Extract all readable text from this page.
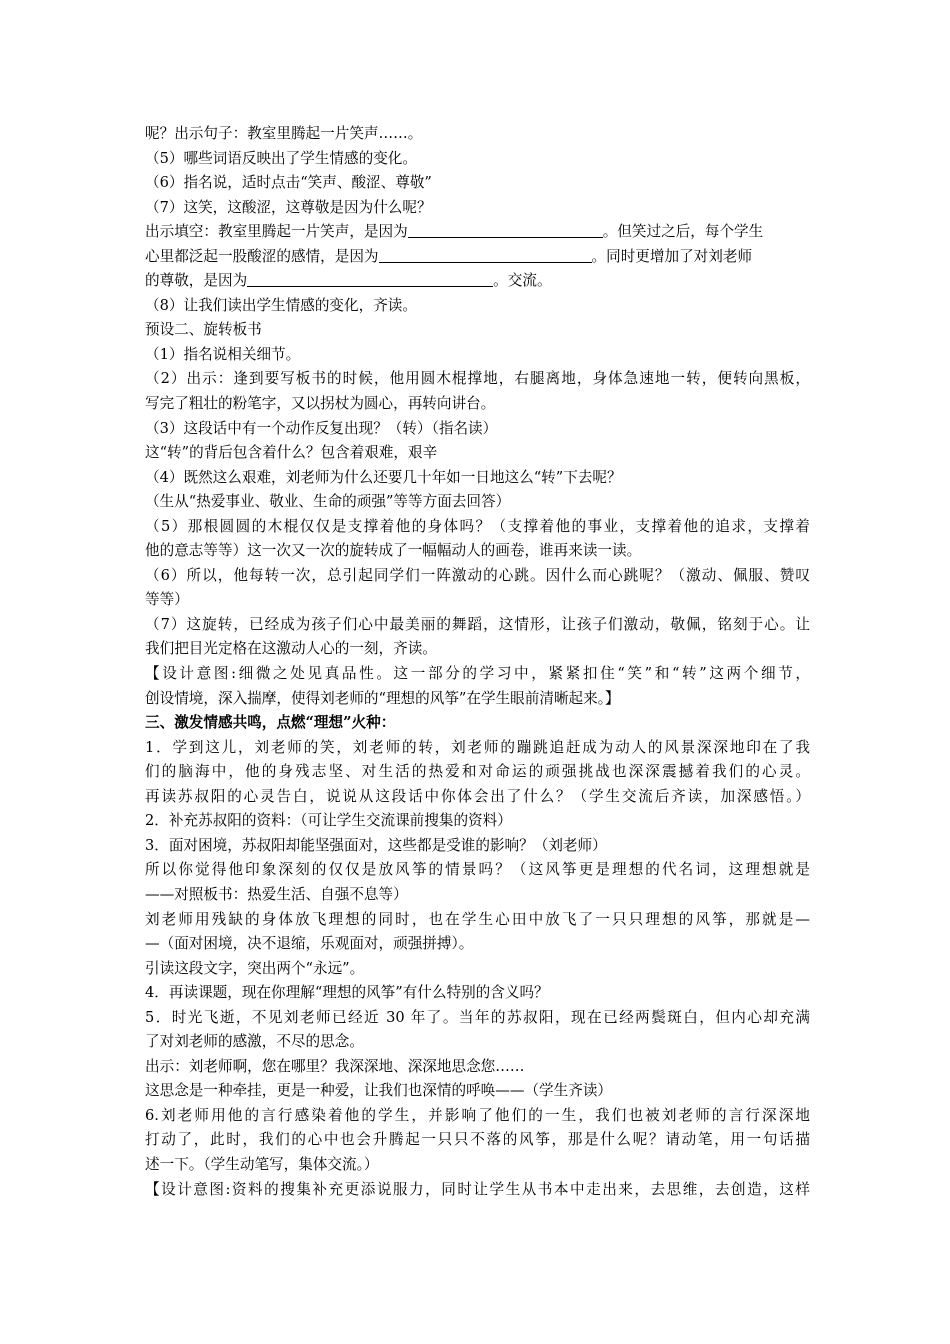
呢？出示句子：教室里腾起一片笑声……。
（5）哪些词语反映出了学生情感的变化。
（6）指名说，适时点击“笑声、酸涩、尊敬”
（7）这笑，这酸涩，这尊敬是因为什么呢？
出示填空：教室里腾起一片笑声，是因为	。但笑过之后，每个学生
心里都泛起一股酸涩的感情，是因为	。同时更增加了对刘老师
的尊敬，是因为	。交流。
（8）让我们读出学生情感的变化，齐读。
预设二、旋转板书
（1）指名说相关细节。
（2）出示：逢到要写板书的时候，他用圆木棍撑地，右腿离地，身体急速地一转，便转向黑板，
写完了粗壮的粉笔字，又以拐杖为圆心，再转向讲台。
（3）这段话中有一个动作反复出现？（转）（指名读）
这“转”的背后包含着什么？包含着艰难，艰辛
（4）既然这么艰难，刘老师为什么还要几十年如一日地这么“转”下去呢？
（生从“热爱事业、敬业、生命的顽强”等等方面去回答）
（5）那根圆圆的木棍仅仅是支撑着他的身体吗？（支撑着他的事业，支撑着他的追求，支撑着
他的意志等等）这一次又一次的旋转成了一幅幅动人的画卷，谁再来读一读。
（6）所以，他每转一次，总引起同学们一阵激动的心跳。因什么而心跳呢？（激动、佩服、赞叹
等等）
（7）这旋转，已经成为孩子们心中最美丽的舞蹈，这情形，让孩子们激动，敬佩，铭刻于心。让
我们把目光定格在这激动人心的一刻，齐读。
【设计意图:细微之处见真品性。这一部分的学习中，紧紧扣住“笑”和“转”这两个细节，
创设情境，深入揣摩，使得刘老师的“理想的风筝”在学生眼前清晰起来。】
三、激发情感共鸣，点燃“理想”火种：
1．学到这儿，刘老师的笑，刘老师的转，刘老师的蹦跳追赶成为动人的风景深深地印在了我
们的脑海中，他的身残志坚、对生活的热爱和对命运的顽强挑战也深深震撼着我们的心灵。
再读苏叔阳的心灵告白，说说从这段话中你体会出了什么？（学生交流后齐读，加深感悟。）
2．补充苏叔阳的资料：（可让学生交流课前搜集的资料）
3．面对困境，苏叔阳却能坚强面对，这些都是受谁的影响？（刘老师）
所以你觉得他印象深刻的仅仅是放风筝的情景吗？（这风筝更是理想的代名词，这理想就是
——对照板书：热爱生活、自强不息等）
刘老师用残缺的身体放飞理想的同时，也在学生心田中放飞了一只只理想的风筝，那就是—
—（面对困境，决不退缩，乐观面对，顽强拼搏）。
引读这段文字，突出两个“永远”。
4．再读课题，现在你理解“理想的风筝”有什么特别的含义吗？
5．时光飞逝，不见刘老师已经近 30 年了。当年的苏叔阳，现在已经两鬓斑白，但内心却充满
了对刘老师的感激，不尽的思念。
出示：刘老师啊，您在哪里？我深深地、深深地思念您……
这思念是一种牵挂，更是一种爱，让我们也深情的呼唤——（学生齐读）
6.刘老师用他的言行感染着他的学生，并影响了他们的一生，我们也被刘老师的言行深深地
打动了，此时，我们的心中也会升腾起一只只不落的风筝，那是什么呢？请动笔，用一句话描
述一下。（学生动笔写，集体交流。）
【设计意图:资料的搜集补充更添说服力，同时让学生从书本中走出来，去思维，去创造，这样
